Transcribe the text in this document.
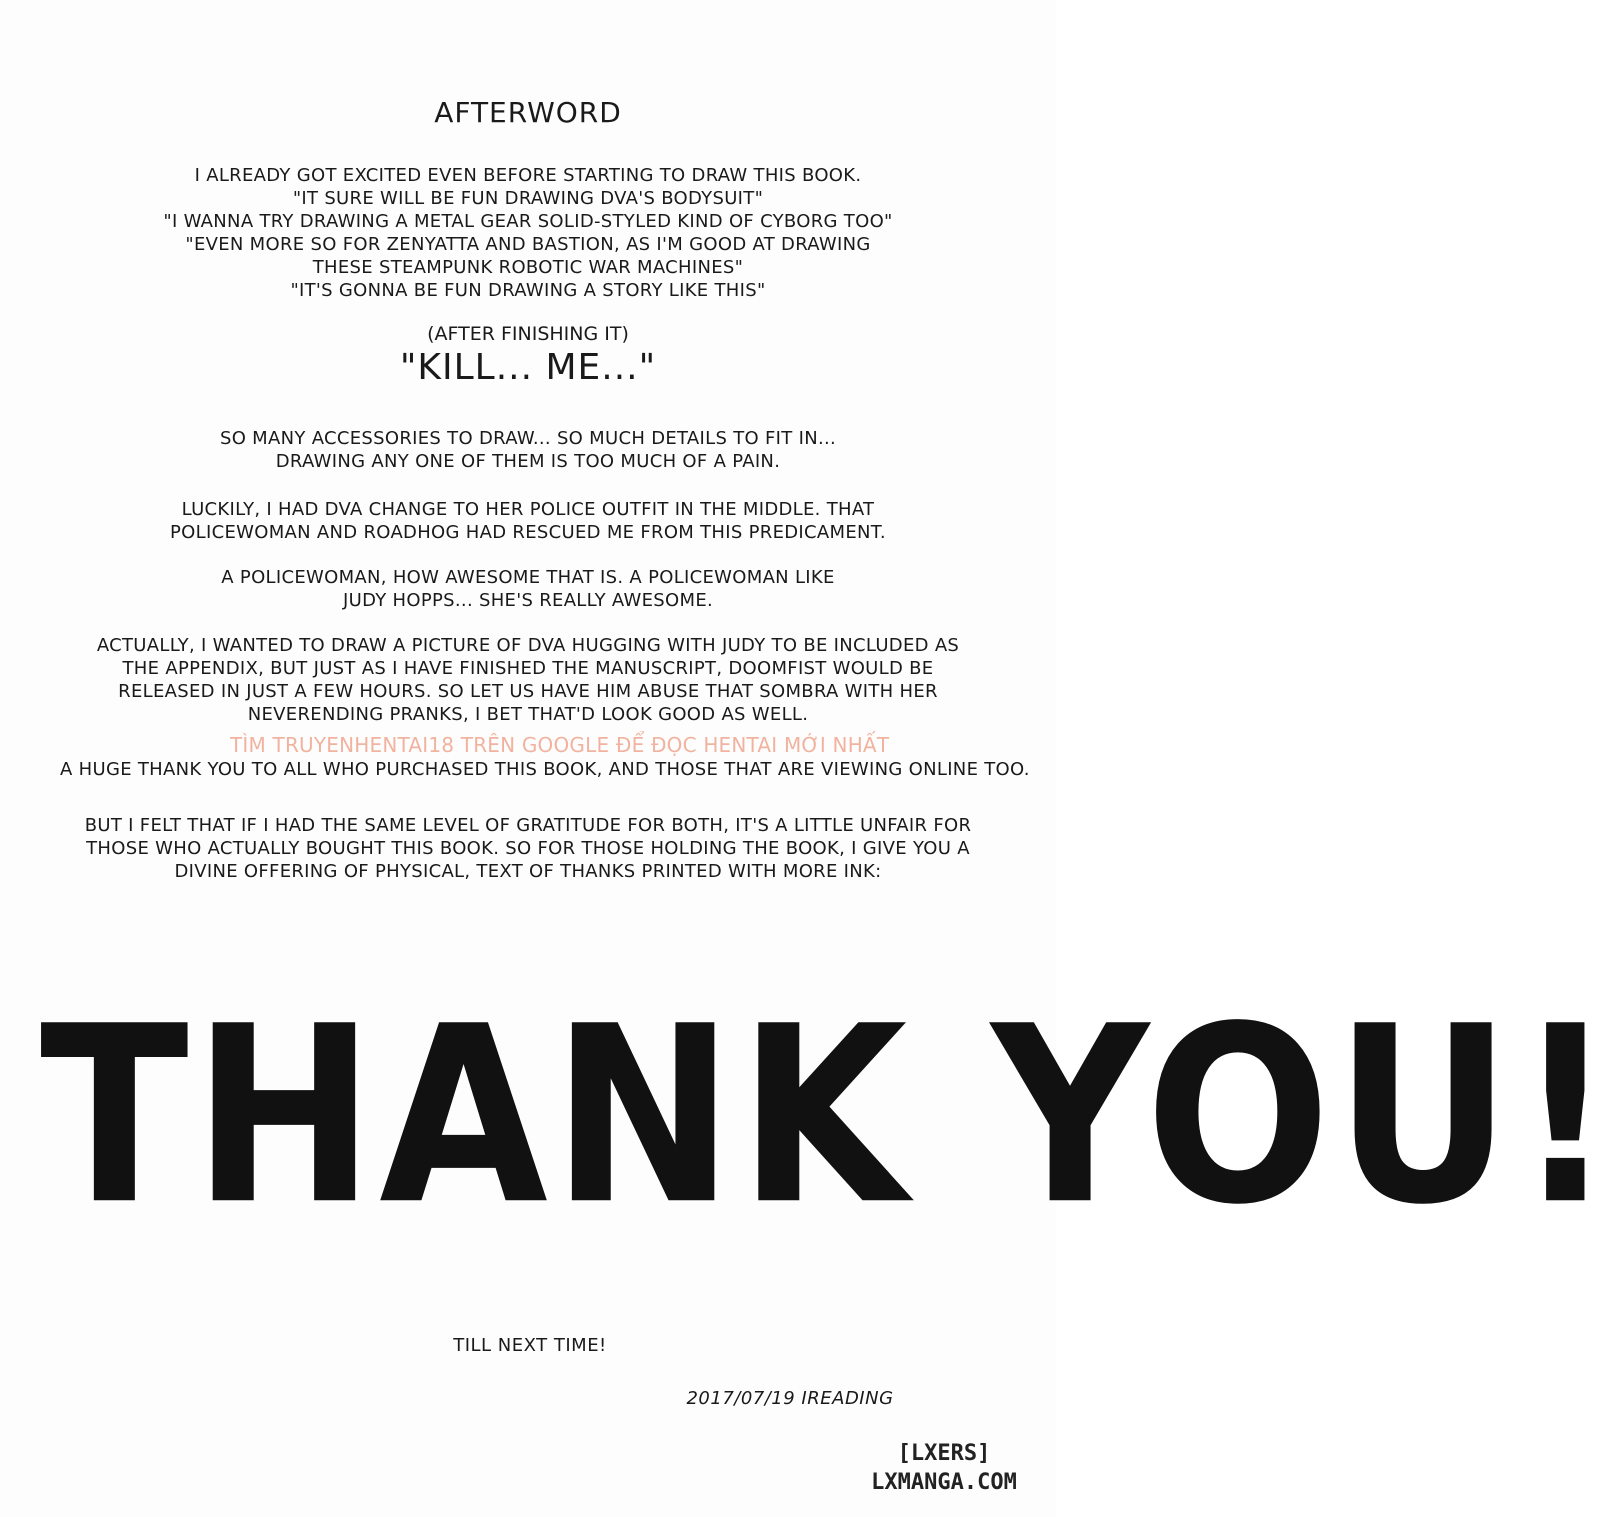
AFTERWORD
I ALREADY GOT EXCITED EVEN BEFORE STARTING TO DRAW THIS BOOK.
"IT SURE WILL BE FUN DRAWING DVA'S BODYSUIT"
"I WANNA TRY DRAWING A METAL GEAR SOLID-STYLED KIND OF CYBORG TOO"
"EVEN MORE SO FOR ZENYATTA AND BASTION, AS I'M GOOD AT DRAWING
THESE STEAMPUNK ROBOTIC WAR MACHINES"
"IT'S GONNA BE FUN DRAWING A STORY LIKE THIS"
(AFTER FINISHING IT)
"KILL... ME..."
SO MANY ACCESSORIES TO DRAW... SO MUCH DETAILS TO FIT IN...
DRAWING ANY ONE OF THEM IS TOO MUCH OF A PAIN.
LUCKILY, I HAD DVA CHANGE TO HER POLICE OUTFIT IN THE MIDDLE. THAT
POLICEWOMAN AND ROADHOG HAD RESCUED ME FROM THIS PREDICAMENT.
A POLICEWOMAN, HOW AWESOME THAT IS. A POLICEWOMAN LIKE
JUDY HOPPS... SHE'S REALLY AWESOME.
ACTUALLY, I WANTED TO DRAW A PICTURE OF DVA HUGGING WITH JUDY TO BE INCLUDED AS
THE APPENDIX, BUT JUST AS I HAVE FINISHED THE MANUSCRIPT, DOOMFIST WOULD BE
RELEASED IN JUST A FEW HOURS. SO LET US HAVE HIM ABUSE THAT SOMBRA WITH HER
NEVERENDING PRANKS, I BET THAT'D LOOK GOOD AS WELL.
TÌM TRUYENHENTAI18 TRÊN GOOGLE ĐỂ ĐỌC HENTAI MỚI NHẤT
A HUGE THANK YOU TO ALL WHO PURCHASED THIS BOOK, AND THOSE THAT ARE VIEWING ONLINE TOO.
BUT I FELT THAT IF I HAD THE SAME LEVEL OF GRATITUDE FOR BOTH, IT'S A LITTLE UNFAIR FOR
THOSE WHO ACTUALLY BOUGHT THIS BOOK. SO FOR THOSE HOLDING THE BOOK, I GIVE YOU A
DIVINE OFFERING OF PHYSICAL, TEXT OF THANKS PRINTED WITH MORE INK:
THANK YOU!
TILL NEXT TIME!
2017/07/19 IREADING
[LXERS]
LXMANGA.COM
